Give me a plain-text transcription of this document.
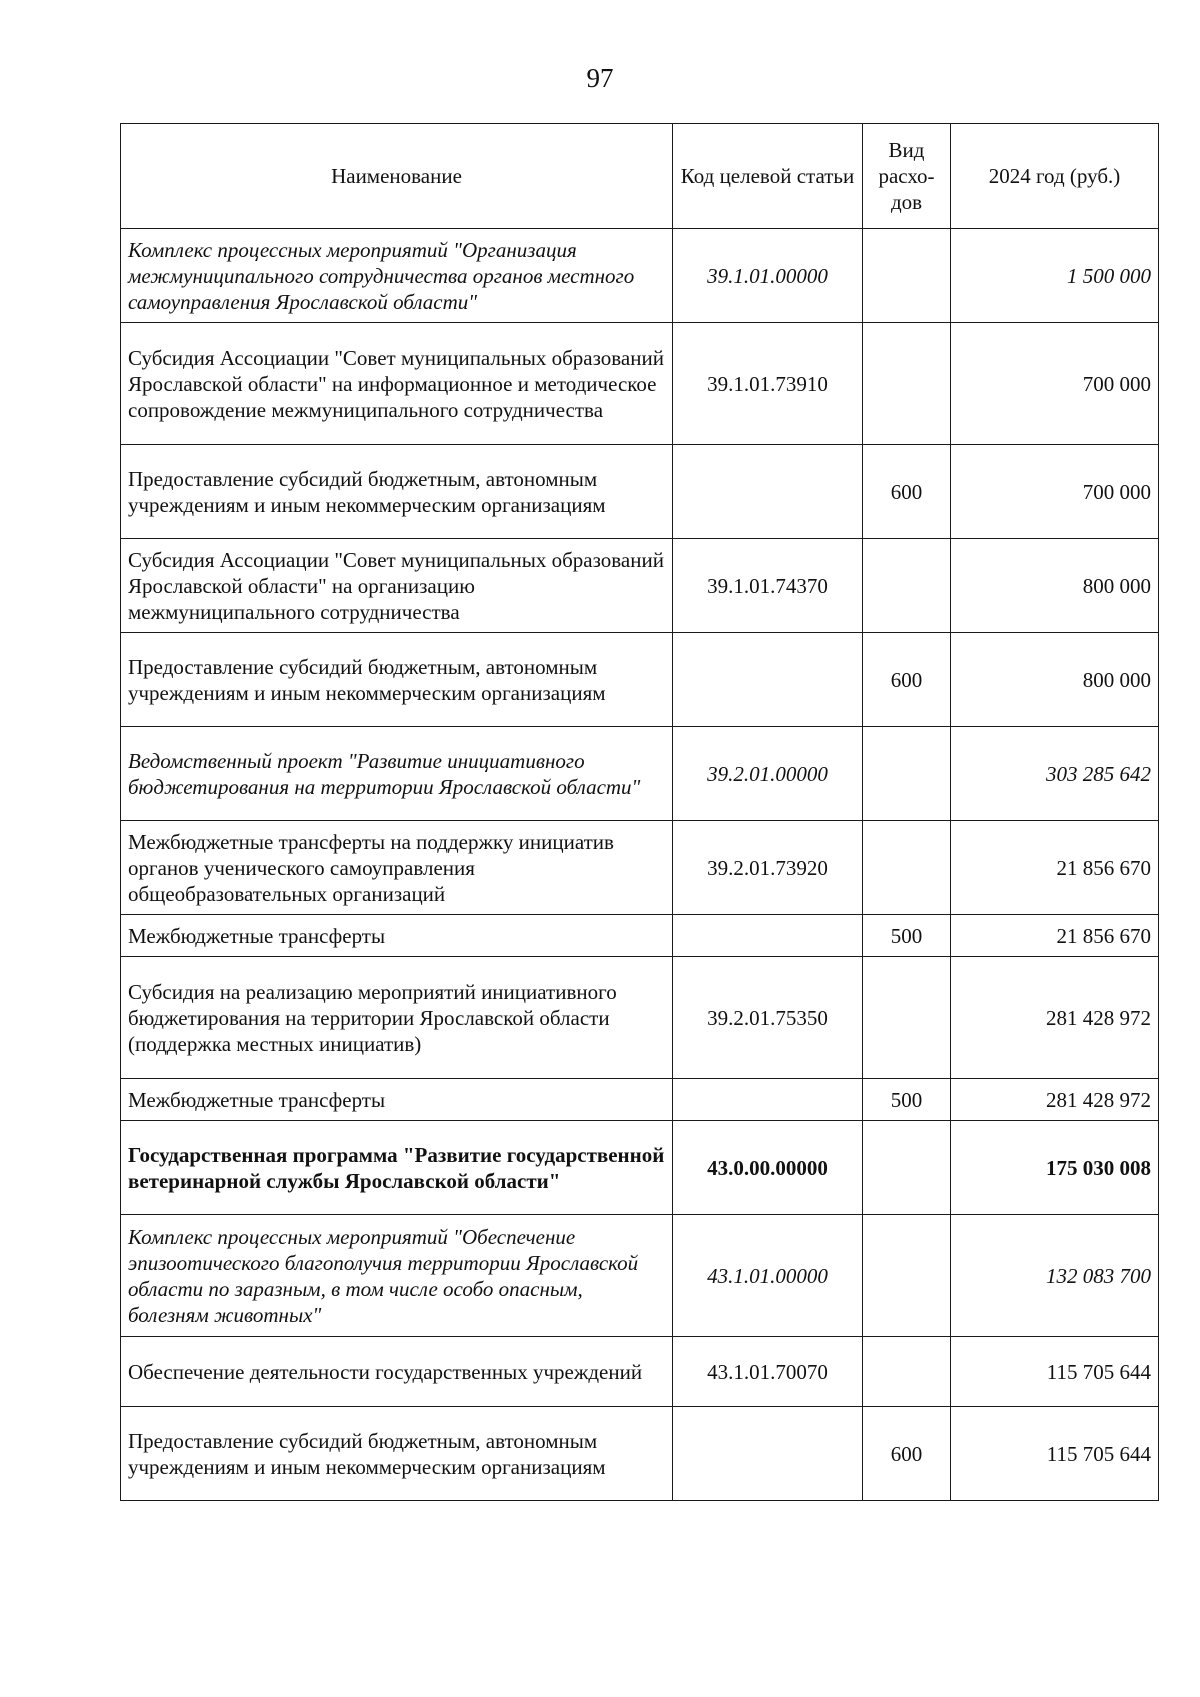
97
Наименование	Код целевой статьи	Вид расхо-дов	2024 год (руб.)
Комплекс процессных мероприятий "Организация межмуниципального сотрудничества органов местного самоуправления Ярославской области"	39.1.01.00000		1 500 000
Субсидия Ассоциации "Совет муниципальных образований Ярославской области" на информационное и методическое сопровождение межмуниципального сотрудничества	39.1.01.73910		700 000
Предоставление субсидий бюджетным, автономным учреждениям и иным некоммерческим организациям		600	700 000
Субсидия Ассоциации "Совет муниципальных образований Ярославской области" на организацию межмуниципального сотрудничества	39.1.01.74370		800 000
Предоставление субсидий бюджетным, автономным учреждениям и иным некоммерческим организациям		600	800 000
Ведомственный проект "Развитие инициативного бюджетирования на территории Ярославской области"	39.2.01.00000		303 285 642
Межбюджетные трансферты на поддержку инициатив органов ученического самоуправления общеобразовательных организаций	39.2.01.73920		21 856 670
Межбюджетные трансферты		500	21 856 670
Субсидия на реализацию мероприятий инициативного бюджетирования на территории Ярославской области (поддержка местных инициатив)	39.2.01.75350		281 428 972
Межбюджетные трансферты		500	281 428 972
Государственная программа "Развитие государственной ветеринарной службы Ярославской области"	43.0.00.00000		175 030 008
Комплекс процессных мероприятий "Обеспечение эпизоотического благополучия территории Ярославской области по заразным, в том числе особо опасным, болезням животных"	43.1.01.00000		132 083 700
Обеспечение деятельности государственных учреждений	43.1.01.70070		115 705 644
Предоставление субсидий бюджетным, автономным учреждениям и иным некоммерческим организациям		600	115 705 644
